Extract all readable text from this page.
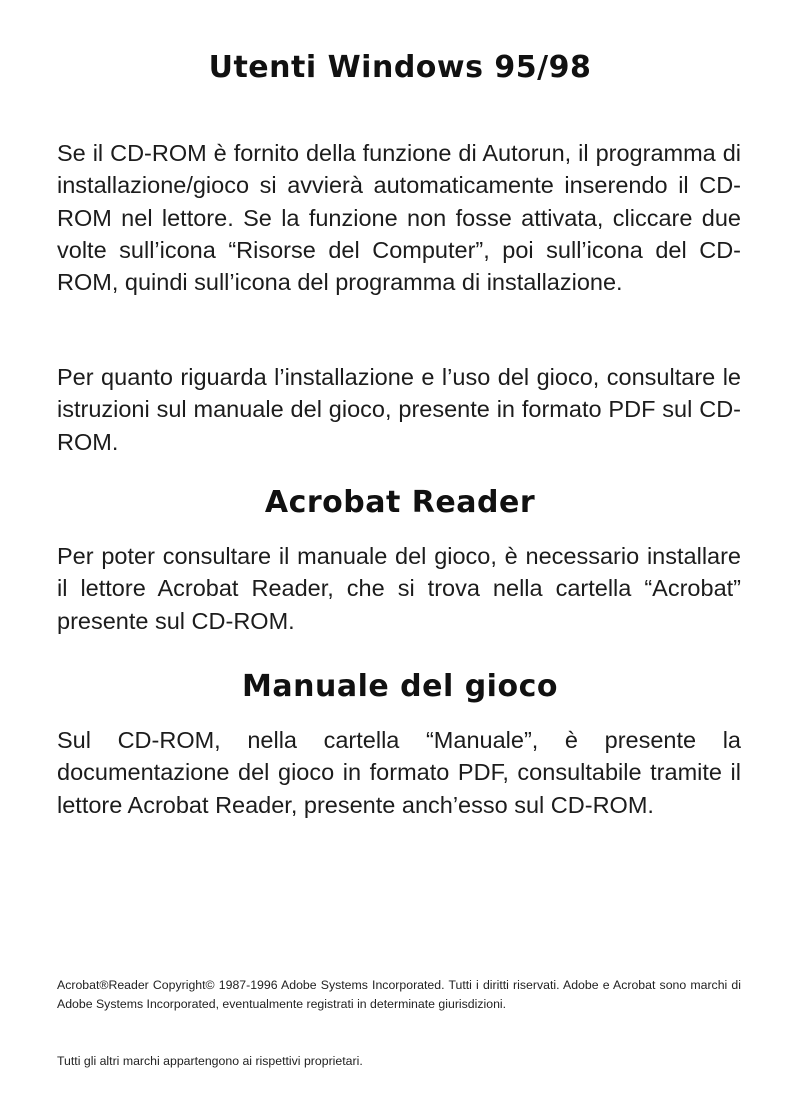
Utenti Windows 95/98

Se il CD-ROM è fornito della funzione di Autorun, il programma di installazione/gioco si avvierà automaticamente inserendo il CD-ROM nel lettore. Se la funzione non fosse attivata, cliccare due volte sull’icona “Risorse del Computer”, poi sull’icona del CD-ROM, quindi sull’icona del programma di installazione.

Per quanto riguarda l’installazione e l’uso del gioco, consultare le istruzioni sul manuale del gioco, presente in formato PDF sul CD-ROM.

Acrobat Reader

Per poter consultare il manuale del gioco, è necessario installare il lettore Acrobat Reader, che si trova nella cartella “Acrobat” presente sul CD-ROM.

Manuale del gioco

Sul CD-ROM, nella cartella “Manuale”, è presente la documentazione del gioco in formato PDF, consultabile tramite il lettore Acrobat Reader, presente anch’esso sul CD-ROM.

Acrobat®Reader Copyright© 1987-1996 Adobe Systems Incorporated. Tutti i diritti riservati. Adobe e Acrobat sono marchi di Adobe Systems Incorporated, eventualmente registrati in determinate giurisdizioni.

Tutti gli altri marchi appartengono ai rispettivi proprietari.
